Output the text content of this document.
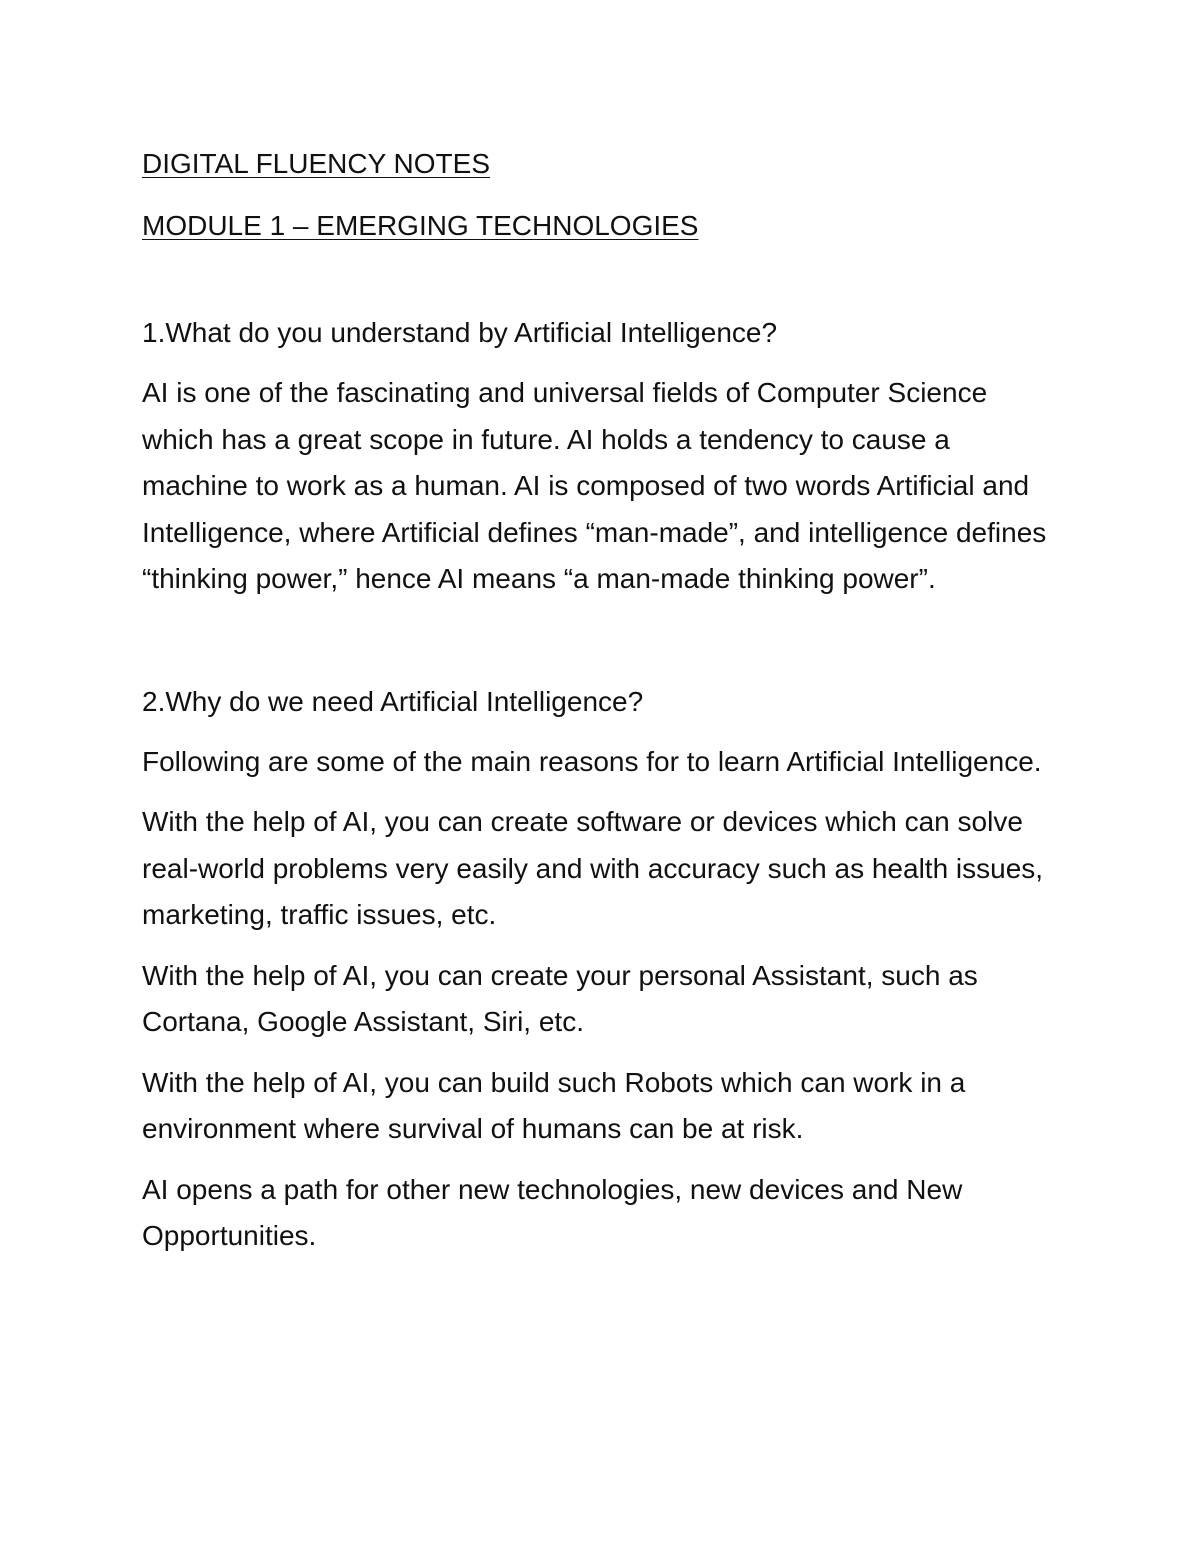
DIGITAL FLUENCY NOTES
MODULE 1 – EMERGING TECHNOLOGIES

1.What do you understand by Artificial Intelligence?

AI is one of the fascinating and universal fields of Computer Science which has a great scope in future. AI holds a tendency to cause a machine to work as a human. AI is composed of two words Artificial and Intelligence, where Artificial defines “man-made”, and intelligence defines “thinking power,” hence AI means “a man-made thinking power”.

2.Why do we need Artificial Intelligence?

Following are some of the main reasons for to learn Artificial Intelligence.

With the help of AI, you can create software or devices which can solve real-world problems very easily and with accuracy such as health issues, marketing, traffic issues, etc.

With the help of AI, you can create your personal Assistant, such as Cortana, Google Assistant, Siri, etc.

With the help of AI, you can build such Robots which can work in a environment where survival of humans can be at risk.

AI opens a path for other new technologies, new devices and New Opportunities.
